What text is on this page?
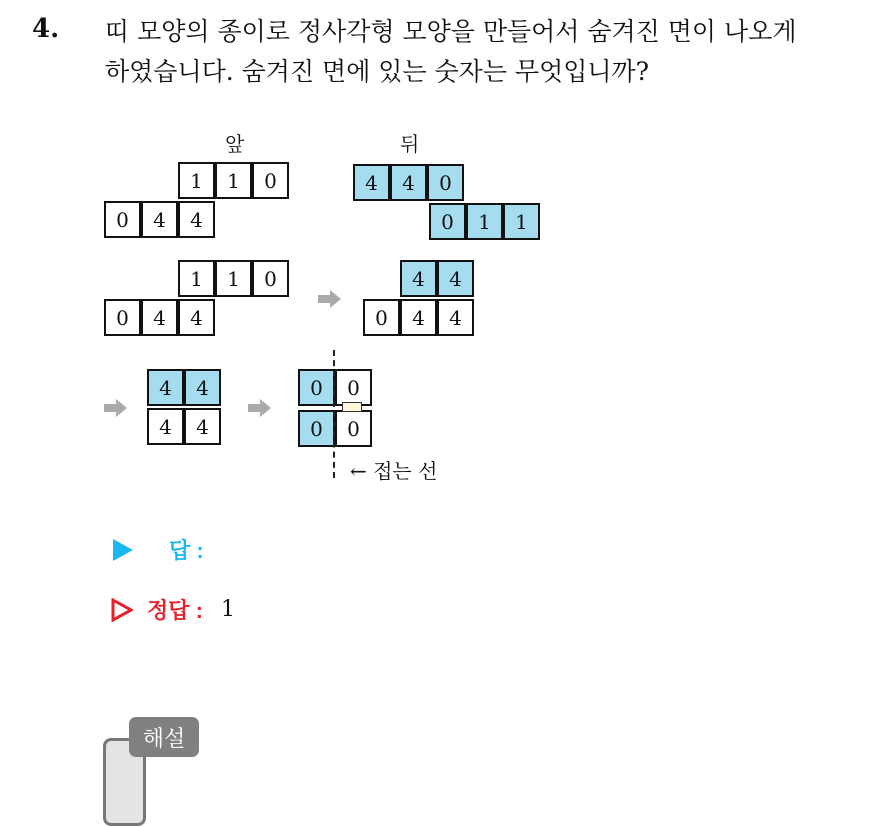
4. 띠 모양의 종이로 정사각형 모양을 만들어서 숨겨진 면이 나오게
하였습니다. 숨겨진 면에 있는 숫자는 무엇입니까?
앞	뒤
1	1	0
0	4	4
4	4	0
0	1	1
1	1	0
0	4	4
4	4
0	4	4
4	4
4	4
0	0
0	0
← 접는 선
답 :
정답 : 1
해설
